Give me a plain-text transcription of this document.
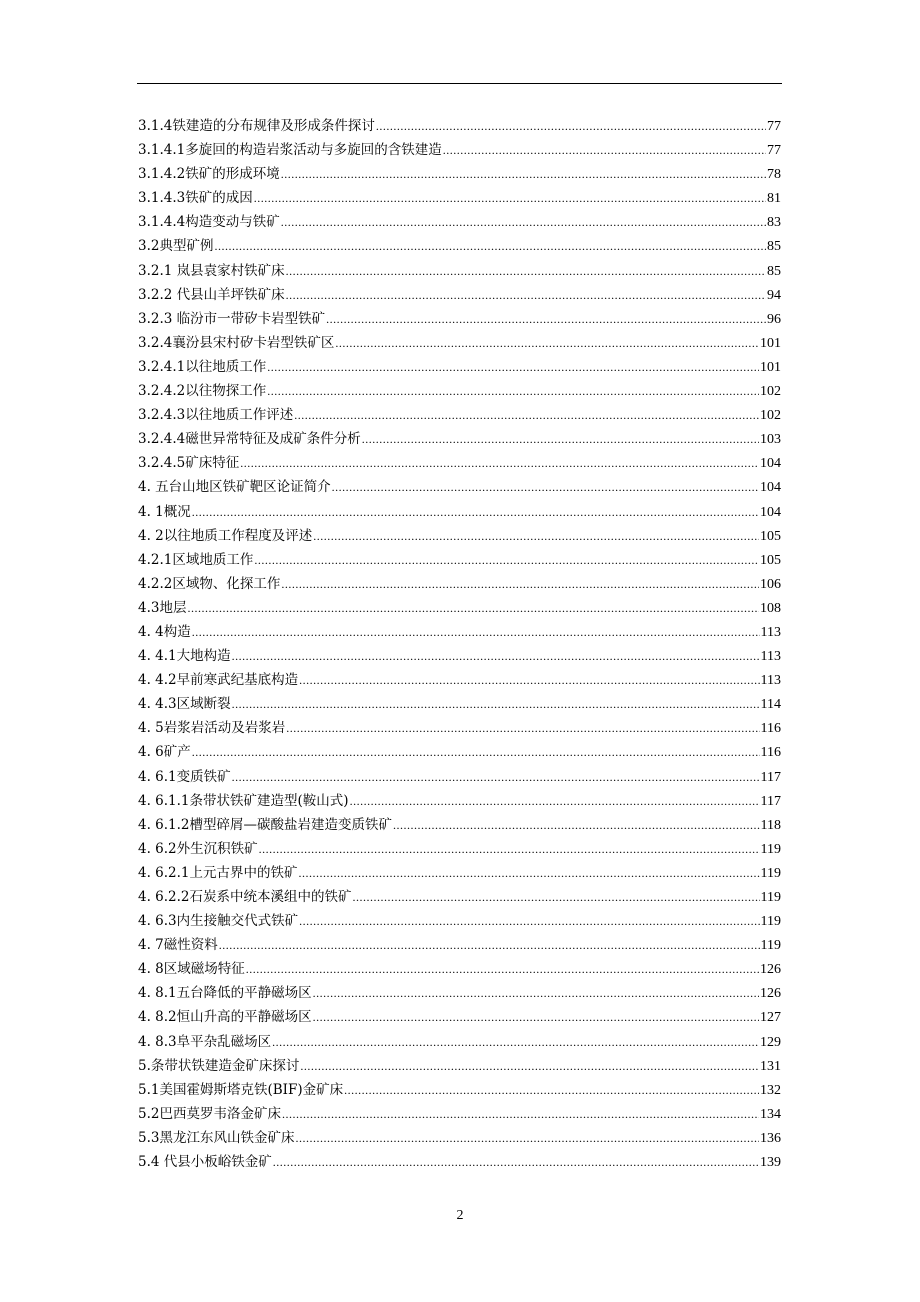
3.1.4铁建造的分布规律及形成条件探讨 .....	77
3.1.4.1多旋回的构造岩浆活动与多旋回的含铁建造 .....	77
3.1.4.2铁矿的形成环境 .....	78
3.1.4.3铁矿的成因 .....	81
3.1.4.4构造变动与铁矿 .....	83
3.2典型矿例 .....	85
3.2.1 岚县袁家村铁矿床 .....	85
3.2.2 代县山羊坪铁矿床 .....	94
3.2.3 临汾市一带矽卡岩型铁矿 .....	96
3.2.4襄汾县宋村矽卡岩型铁矿区 .....	101
3.2.4.1以往地质工作 .....	101
3.2.4.2以往物探工作 .....	102
3.2.4.3以往地质工作评述 .....	102
3.2.4.4磁世异常特征及成矿条件分析 .....	103
3.2.4.5矿床特征 .....	104
4. 五台山地区铁矿靶区论证简介 .....	104
4. 1概况 .....	104
4. 2以往地质工作程度及评述 .....	105
4.2.1区域地质工作 .....	105
4.2.2区域物、化探工作 .....	106
4.3地层 .....	108
4. 4构造 .....	113
4. 4.1大地构造 .....	113
4. 4.2早前寒武纪基底构造 .....	113
4. 4.3区域断裂 .....	114
4. 5岩浆岩活动及岩浆岩 .....	116
4. 6矿产 .....	116
4. 6.1变质铁矿 .....	117
4. 6.1.1条带状铁矿建造型(鞍山式) .....	117
4. 6.1.2槽型碎屑—碳酸盐岩建造变质铁矿 .....	118
4. 6.2外生沉积铁矿 .....	119
4. 6.2.1上元古界中的铁矿 .....	119
4. 6.2.2石炭系中统本溪组中的铁矿 .....	119
4. 6.3内生接触交代式铁矿 .....	119
4. 7磁性资料 .....	119
4. 8区域磁场特征 .....	126
4. 8.1五台降低的平静磁场区 .....	126
4. 8.2恒山升高的平静磁场区 .....	127
4. 8.3阜平杂乱磁场区 .....	129
5.条带状铁建造金矿床探讨 .....	131
5.1美国霍姆斯塔克铁(BIF)金矿床 .....	132
5.2巴西莫罗韦洛金矿床 .....	134
5.3黑龙江东风山铁金矿床 .....	136
5.4 代县小板峪铁金矿 .....	139
2
